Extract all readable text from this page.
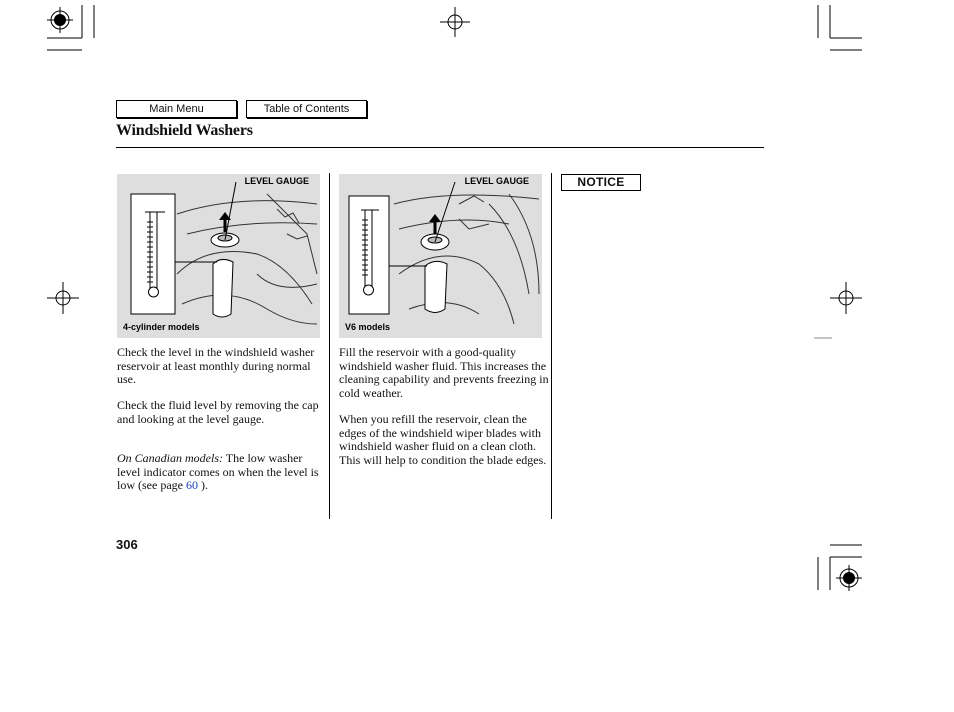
Main Menu	Table of Contents
Windshield Washers
LEVEL GAUGE
4-cylinder models
LEVEL GAUGE
V6 models
Check the level in the windshield washer reservoir at least monthly during normal use.
Check the fluid level by removing the cap and looking at the level gauge.
On Canadian models: The low washer level indicator comes on when the level is low (see page 60 ).
Fill the reservoir with a good-quality windshield washer fluid. This increases the cleaning capability and prevents freezing in cold weather.
When you refill the reservoir, clean the edges of the windshield wiper blades with windshield washer fluid on a clean cloth. This will help to condition the blade edges.
NOTICE
306
